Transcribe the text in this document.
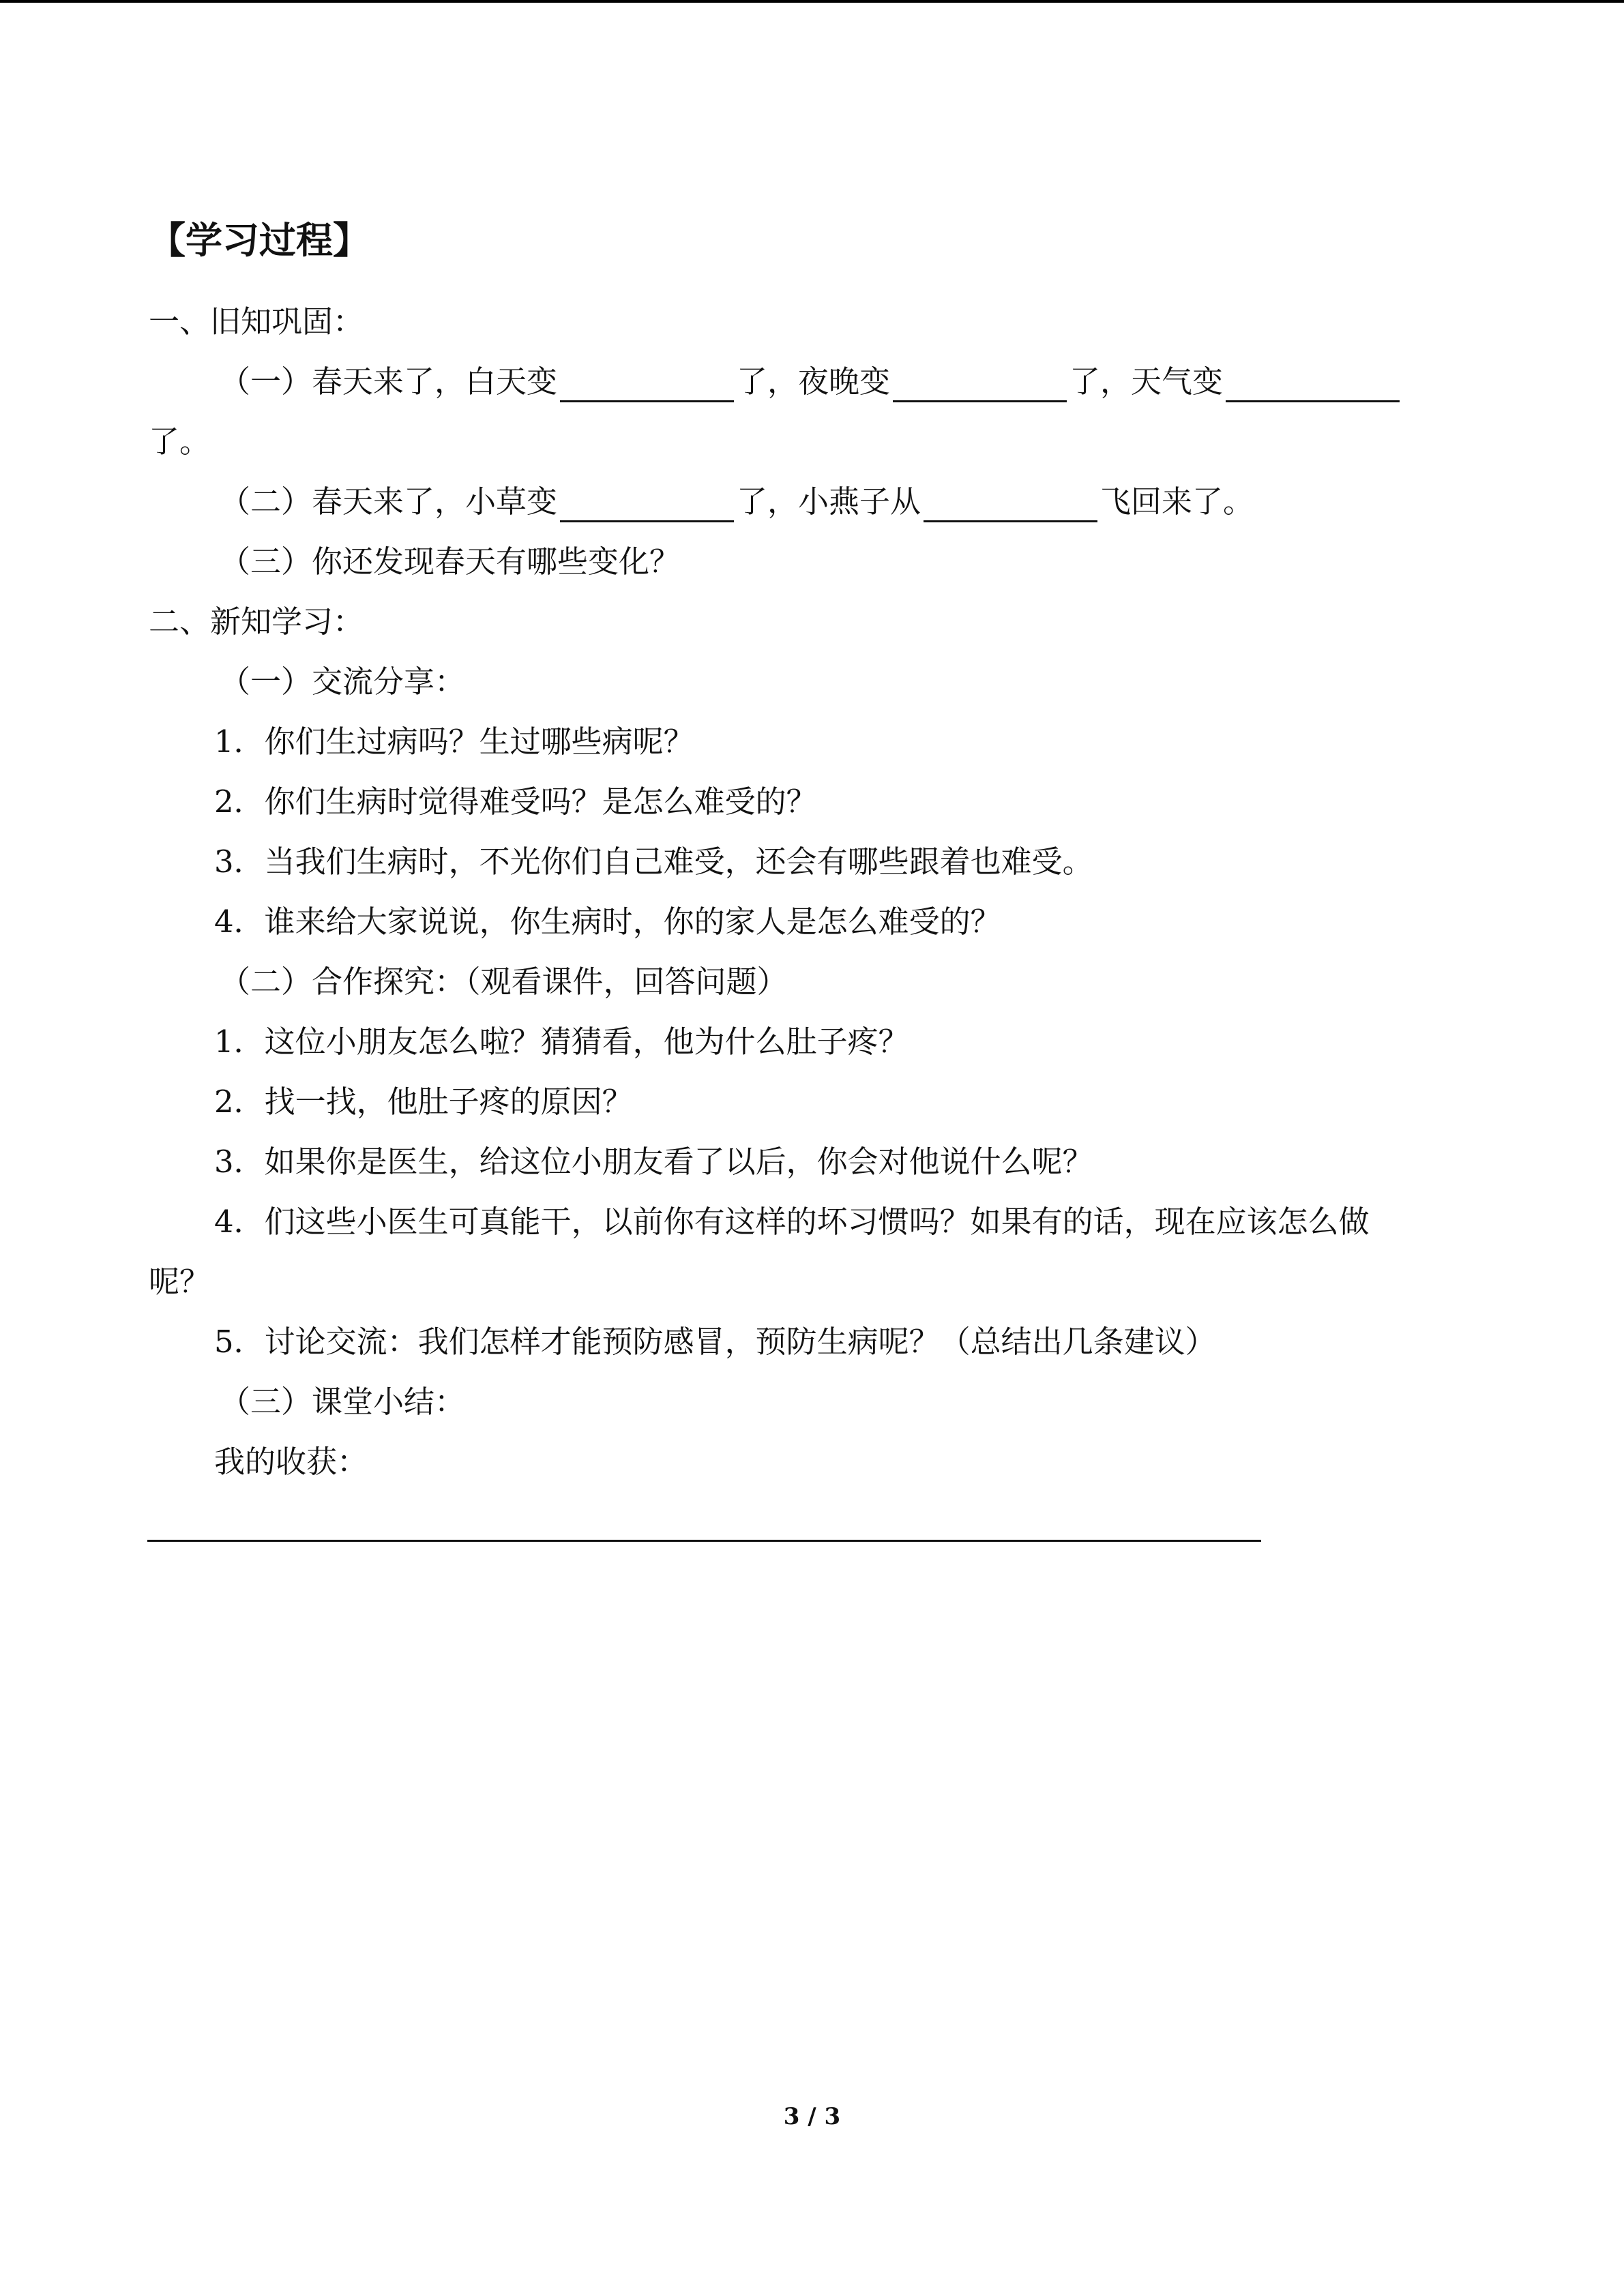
【学习过程】
一、旧知巩固：
（一）春天来了，白天变	了，夜晚变	了，天气变
了。
（二）春天来了，小草变	了，小燕子从	飞回来了。
（三）你还发现春天有哪些变化？
二、新知学习：
（一）交流分享：
1．你们生过病吗？生过哪些病呢？
2．你们生病时觉得难受吗？是怎么难受的？
3．当我们生病时，不光你们自己难受，还会有哪些跟着也难受。
4．谁来给大家说说，你生病时，你的家人是怎么难受的？
（二）合作探究：（观看课件，回答问题）
1．这位小朋友怎么啦？猜猜看，他为什么肚子疼？
2．找一找，他肚子疼的原因？
3．如果你是医生，给这位小朋友看了以后，你会对他说什么呢？
4．们这些小医生可真能干，以前你有这样的坏习惯吗？如果有的话，现在应该怎么做
呢？
5．讨论交流：我们怎样才能预防感冒，预防生病呢？（总结出几条建议）
（三）课堂小结：
我的收获：
3 / 3
